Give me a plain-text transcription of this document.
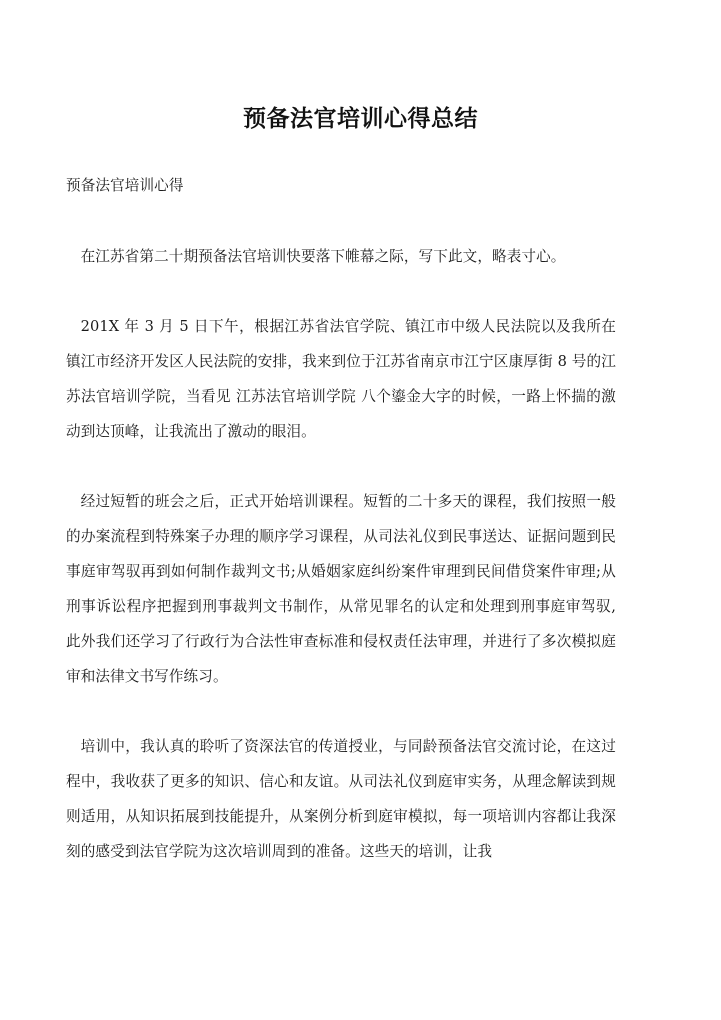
预备法官培训心得总结

预备法官培训心得

在江苏省第二十期预备法官培训快要落下帷幕之际，写下此文，略表寸心。

201X 年 3 月 5 日下午，根据江苏省法官学院、镇江市中级人民法院以及我所在镇江市经济开发区人民法院的安排，我来到位于江苏省南京市江宁区康厚街 8 号的江苏法官培训学院，当看见 江苏法官培训学院 八个鎏金大字的时候，一路上怀揣的激动到达顶峰，让我流出了激动的眼泪。

经过短暂的班会之后，正式开始培训课程。短暂的二十多天的课程，我们按照一般的办案流程到特殊案子办理的顺序学习课程，从司法礼仪到民事送达、证据问题到民事庭审驾驭再到如何制作裁判文书;从婚姻家庭纠纷案件审理到民间借贷案件审理;从刑事诉讼程序把握到刑事裁判文书制作，从常见罪名的认定和处理到刑事庭审驾驭, 此外我们还学习了行政行为合法性审查标准和侵权责任法审理，并进行了多次模拟庭审和法律文书写作练习。

培训中，我认真的聆听了资深法官的传道授业，与同龄预备法官交流讨论，在这过程中，我收获了更多的知识、信心和友谊。从司法礼仪到庭审实务，从理念解读到规则适用，从知识拓展到技能提升，从案例分析到庭审模拟，每一项培训内容都让我深刻的感受到法官学院为这次培训周到的准备。这些天的培训，让我
